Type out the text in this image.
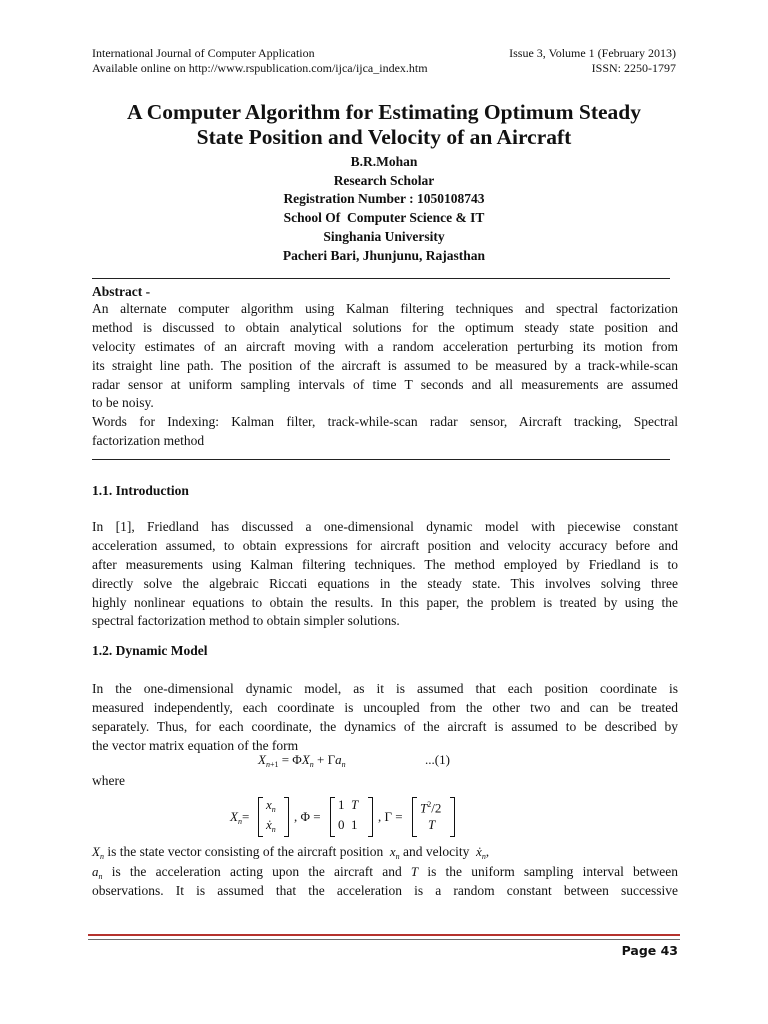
International Journal of Computer Application
Available online on http://www.rspublication.com/ijca/ijca_index.htm
Issue 3, Volume 1 (February 2013)
ISSN: 2250-1797
A Computer Algorithm for Estimating Optimum Steady
State Position and Velocity of an Aircraft
B.R.Mohan
Research Scholar
Registration Number : 1050108743
School Of  Computer Science & IT
Singhania University
Pacheri Bari, Jhunjunu, Rajasthan
Abstract -
An alternate computer algorithm using Kalman filtering techniques and spectral factorization
method is discussed to obtain analytical solutions for the optimum steady state position and
velocity estimates of an aircraft moving with a random acceleration perturbing its motion from
its straight line path. The position of the aircraft is assumed to be measured by a track-while-scan
radar sensor at uniform sampling intervals of time T seconds and all measurements are assumed
to be noisy.
Words for Indexing: Kalman filter, track-while-scan radar sensor, Aircraft tracking, Spectral
factorization method
1.1. Introduction
In [1], Friedland has discussed a one-dimensional dynamic model with piecewise constant
acceleration assumed, to obtain expressions for aircraft position and velocity accuracy before and
after measurements using Kalman filtering techniques. The method employed by Friedland is to
directly solve the algebraic Riccati equations in the steady state. This involves solving three
highly nonlinear equations to obtain the results. In this paper, the problem is treated by using the
spectral factorization method to obtain simpler solutions.
1.2. Dynamic Model
In the one-dimensional dynamic model, as it is assumed that each position coordinate is
measured independently, each coordinate is uncoupled from the other two and can be treated
separately. Thus, for each coordinate, the dynamics of the aircraft is assumed to be described by
the vector matrix equation of the form
$X_{n+1} = \Phi X_n + \Gamma a_n$	...(1)
where
$X_n=$
$x_n$
$ẋ_n$
, Φ =
1  T
0  1
, Γ =
$T^2/2$
T
$X_n$ is the state vector consisting of the aircraft position $x_n$ and velocity $ẋ_n$,
$a_n$ is the acceleration acting upon the aircraft and T is the uniform sampling interval between
observations. It is assumed that the acceleration is a random constant between successive
Page 43
